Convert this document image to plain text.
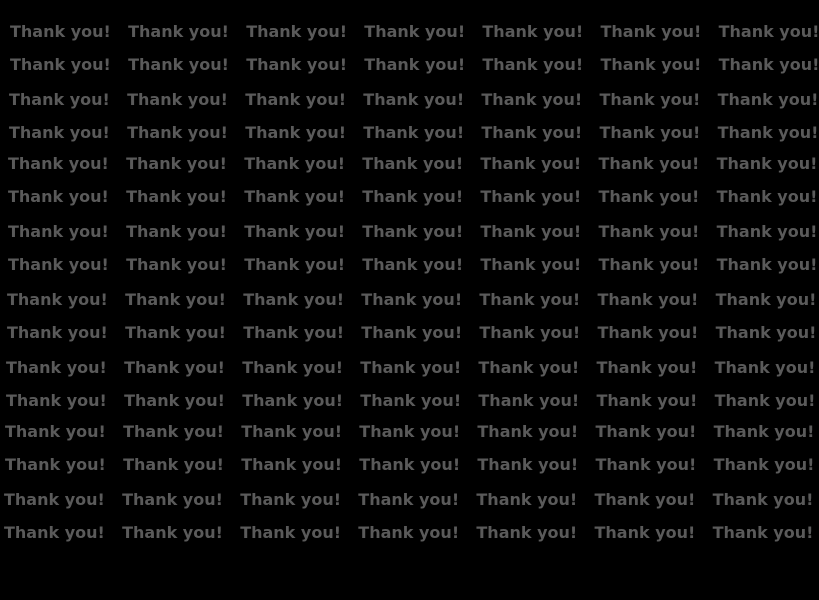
Thank you! Thank you! Thank you! Thank you! Thank you! Thank you! Thank you!
Thank you! Thank you! Thank you! Thank you! Thank you! Thank you! Thank you!
Thank you! Thank you! Thank you! Thank you! Thank you! Thank you! Thank you!
Thank you! Thank you! Thank you! Thank you! Thank you! Thank you! Thank you!
Thank you! Thank you! Thank you! Thank you! Thank you! Thank you! Thank you!
Thank you! Thank you! Thank you! Thank you! Thank you! Thank you! Thank you!
Thank you! Thank you! Thank you! Thank you! Thank you! Thank you! Thank you!
Thank you! Thank you! Thank you! Thank you! Thank you! Thank you! Thank you!
Thank you! Thank you! Thank you! Thank you! Thank you! Thank you! Thank you!
Thank you! Thank you! Thank you! Thank you! Thank you! Thank you! Thank you!
Thank you! Thank you! Thank you! Thank you! Thank you! Thank you! Thank you!
Thank you! Thank you! Thank you! Thank you! Thank you! Thank you! Thank you!
Thank you! Thank you! Thank you! Thank you! Thank you! Thank you! Thank you!
Thank you! Thank you! Thank you! Thank you! Thank you! Thank you! Thank you!
Thank you! Thank you! Thank you! Thank you! Thank you! Thank you! Thank you!
Thank you! Thank you! Thank you! Thank you! Thank you! Thank you! Thank you!
